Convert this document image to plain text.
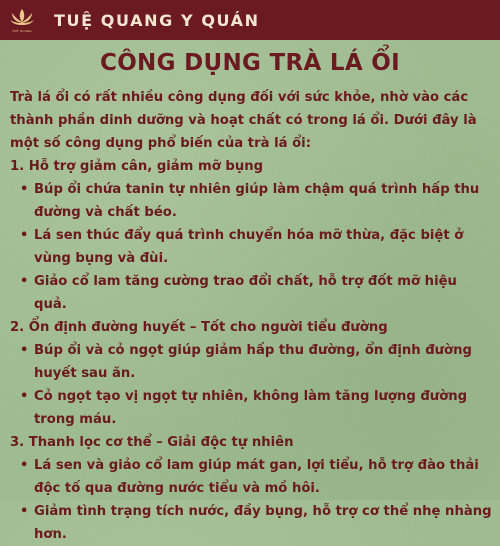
TUỆ QUANG
TUỆ QUANG Y QUÁN
CÔNG DỤNG TRÀ LÁ ỔI

Trà lá ổi có rất nhiều công dụng đối với sức khỏe, nhờ vào các thành phần dinh dưỡng và hoạt chất có trong lá ổi. Dưới đây là một số công dụng phổ biến của trà lá ổi:

1. Hỗ trợ giảm cân, giảm mỡ bụng

• Búp ổi chứa tanin tự nhiên giúp làm chậm quá trình hấp thu đường và chất béo.
• Lá sen thúc đẩy quá trình chuyển hóa mỡ thừa, đặc biệt ở vùng bụng và đùi.
• Giảo cổ lam tăng cường trao đổi chất, hỗ trợ đốt mỡ hiệu quả.

2. Ổn định đường huyết – Tốt cho người tiểu đường

• Búp ổi và cỏ ngọt giúp giảm hấp thu đường, ổn định đường huyết sau ăn.
• Cỏ ngọt tạo vị ngọt tự nhiên, không làm tăng lượng đường trong máu.

3. Thanh lọc cơ thể – Giải độc tự nhiên

• Lá sen và giảo cổ lam giúp mát gan, lợi tiểu, hỗ trợ đào thải độc tố qua đường nước tiểu và mồ hôi.
• Giảm tình trạng tích nước, đầy bụng, hỗ trợ cơ thể nhẹ nhàng hơn.
